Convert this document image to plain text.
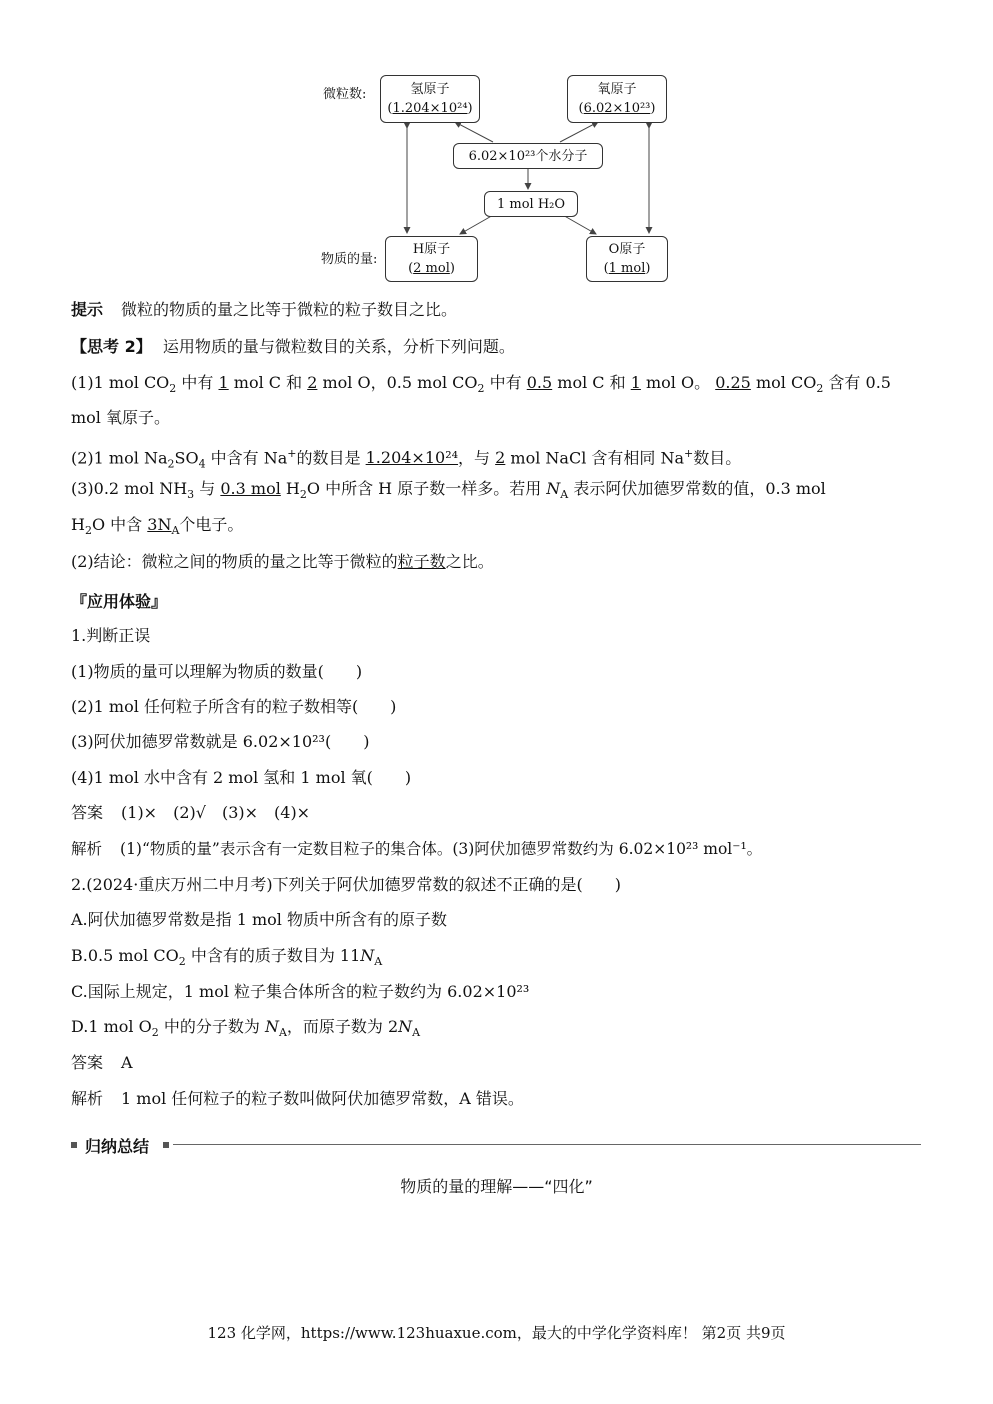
微粒数:
物质的量:
氢原子
(1.204×10²⁴)
氧原子
(6.02×10²³)
6.02×10²³个水分子
1 mol H₂O
H原子
(2 mol)
O原子
(1 mol)
提示 微粒的物质的量之比等于微粒的粒子数目之比。
【思考 2】 运用物质的量与微粒数目的关系，分析下列问题。
(1)1 mol $CO_2$ 中有 1 mol C 和 2 mol O，0.5 mol $CO_2$ 中有 0.5 mol C 和 1 mol O。 0.25 mol $CO_2$ 含有 0.5
mol 氧原子。
(2)1 mol $Na_2SO_4$ 中含有 Na+的数目是 1.204×10²⁴，与 2 mol NaCl 含有相同 Na+数目。
(3)0.2 mol $NH_3$ 与 0.3 mol $H_2O$ 中所含 H 原子数一样多。若用 $N_A$ 表示阿伏加德罗常数的值，0.3 mol
$H_2O$ 中含 $3N_A$个电子。
(2)结论：微粒之间的物质的量之比等于微粒的粒子数之比。
『应用体验』
1.判断正误
(1)物质的量可以理解为物质的数量(　　)
(2)1 mol 任何粒子所含有的粒子数相等(　　)
(3)阿伏加德罗常数就是 6.02×10²³(　　)
(4)1 mol 水中含有 2 mol 氢和 1 mol 氧(　　)
答案 (1)×　(2)√　(3)×　(4)×
解析 (1)“物质的量”表示含有一定数目粒子的集合体。(3)阿伏加德罗常数约为 6.02×10²³ mol⁻¹。
2.(2024·重庆万州二中月考)下列关于阿伏加德罗常数的叙述不正确的是(　　)
A.阿伏加德罗常数是指 1 mol 物质中所含有的原子数
B.0.5 mol $CO_2$ 中含有的质子数目为 $11N_A$
C.国际上规定，1 mol 粒子集合体所含的粒子数约为 6.02×10²³
D.1 mol $O_2$ 中的分子数为 $N_A$，而原子数为 $2N_A$
答案 A
解析 1 mol 任何粒子的粒子数叫做阿伏加德罗常数，A 错误。
归纳总结
物质的量的理解——“四化”
123 化学网，https://www.123huaxue.com，最大的中学化学资料库！ 第2页 共9页
